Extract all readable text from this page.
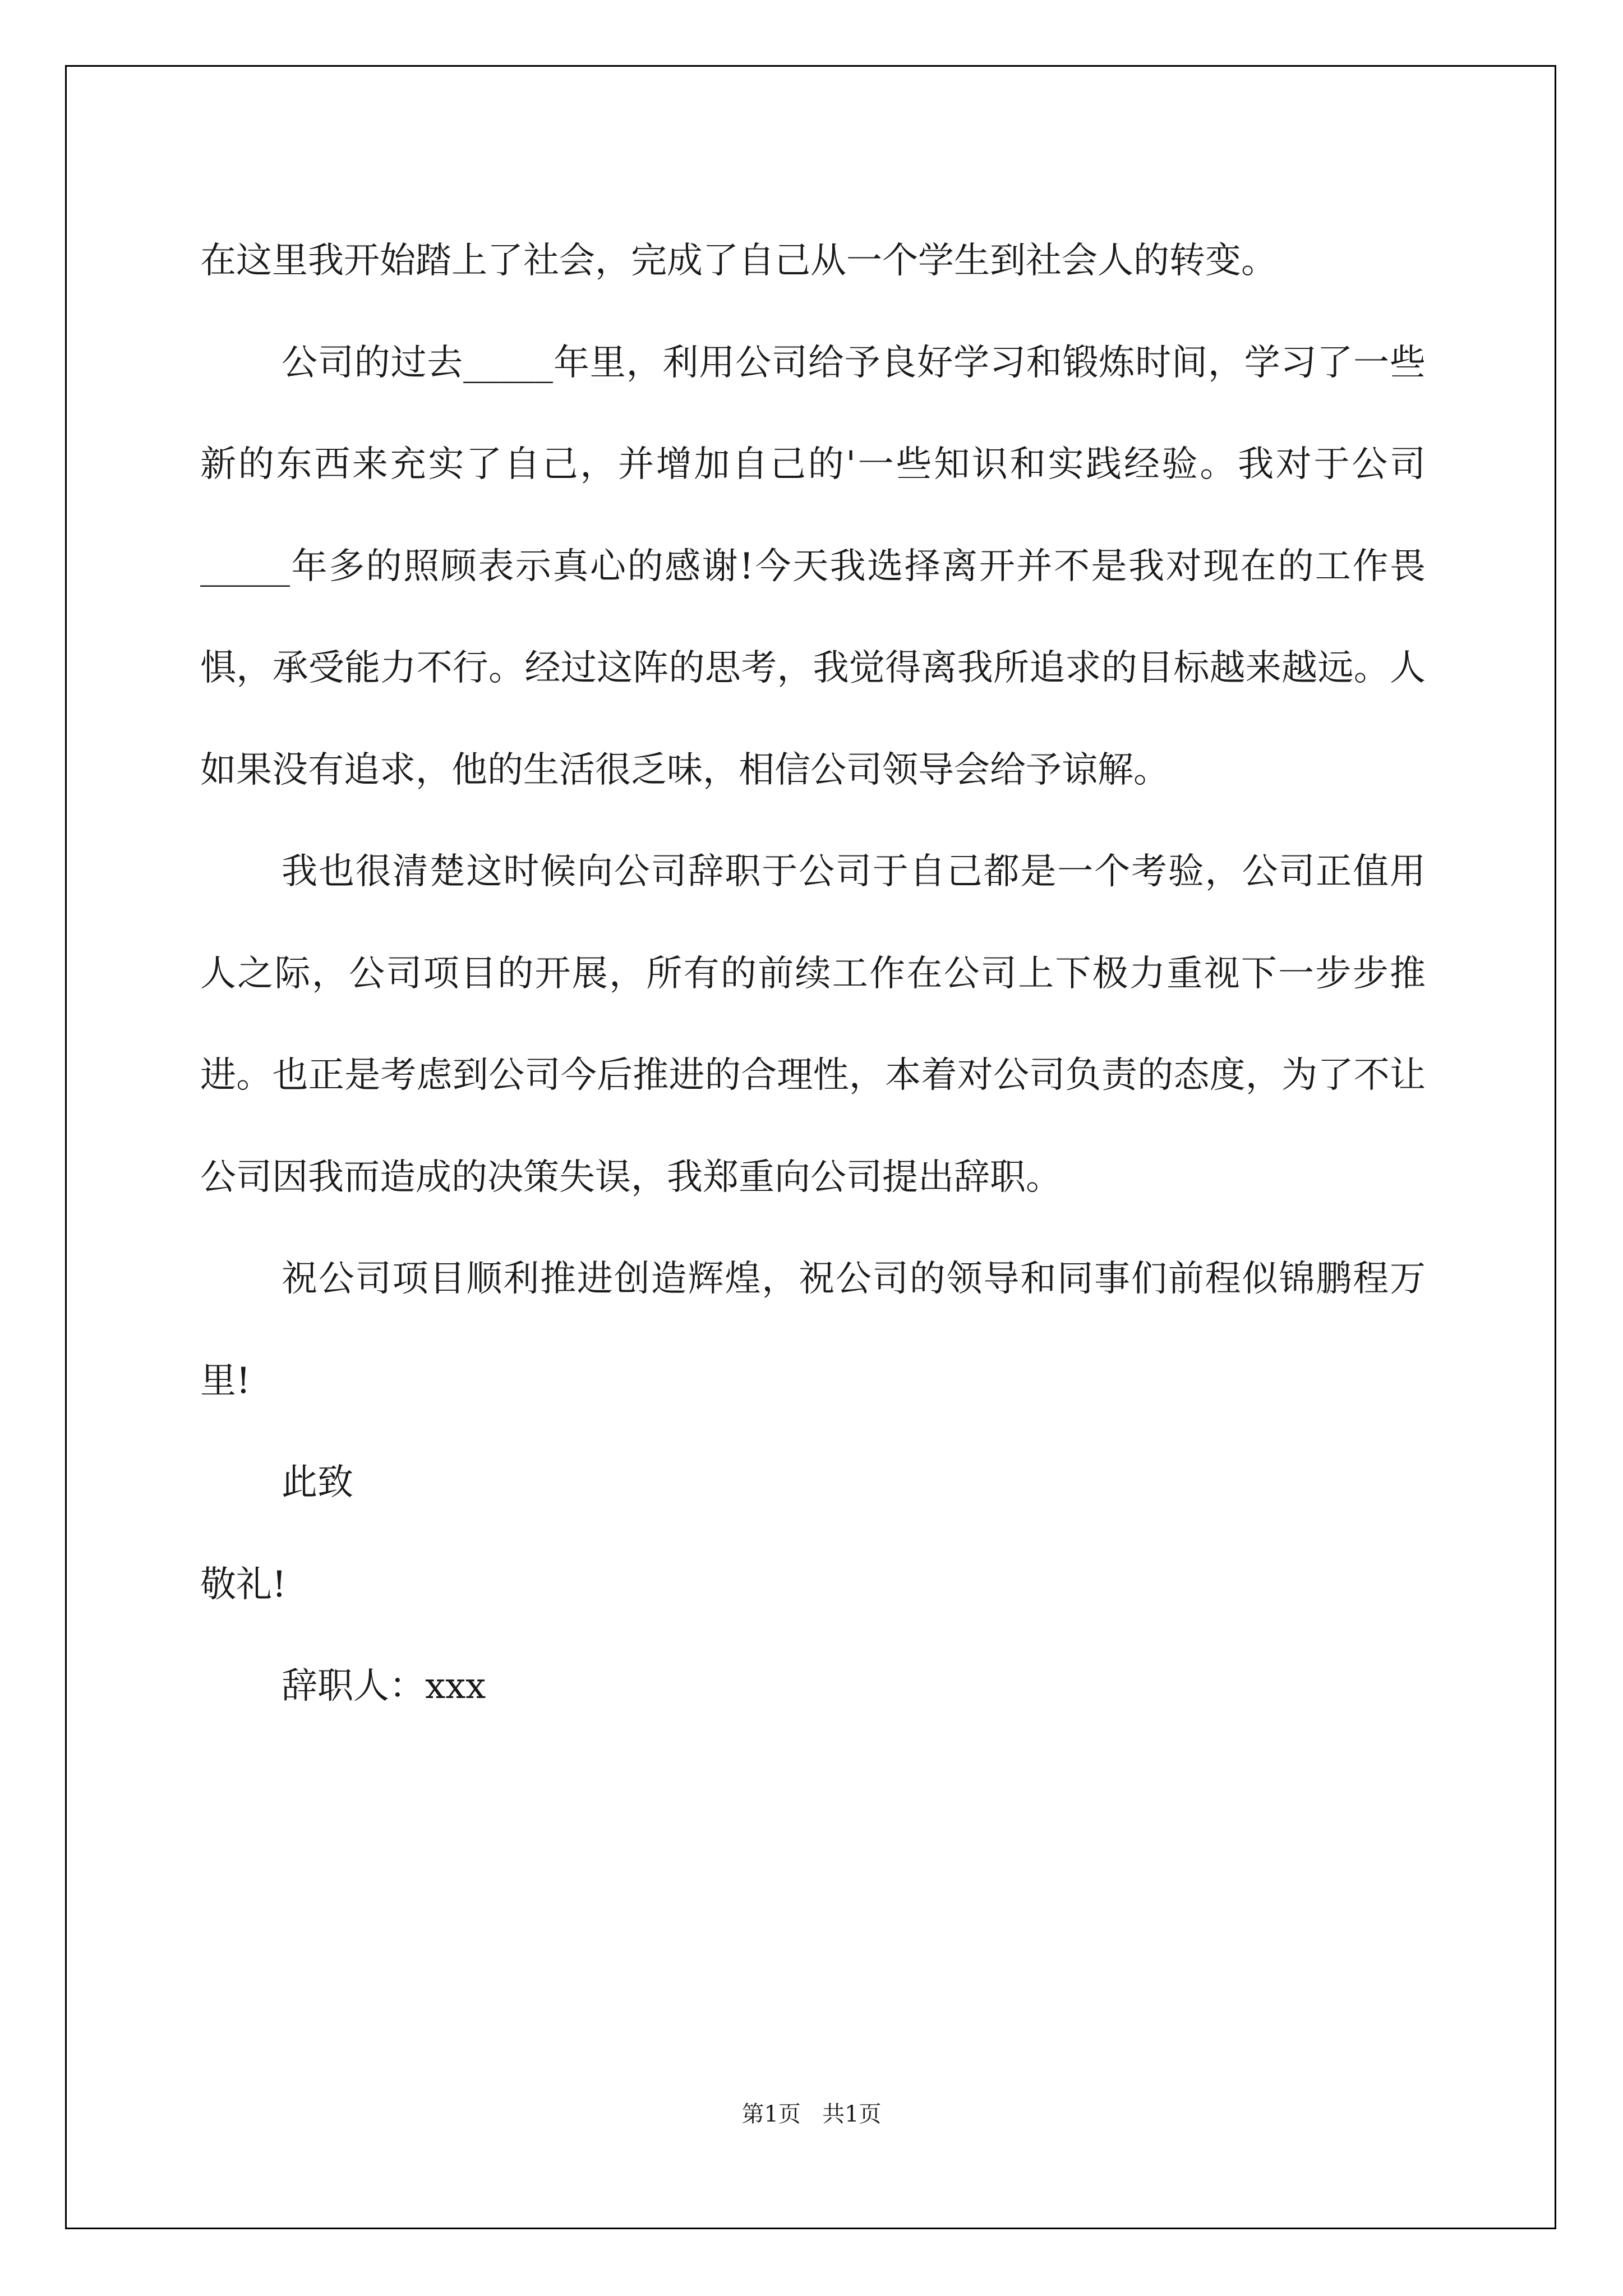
在这里我开始踏上了社会，完成了自己从一个学生到社会人的转变。

公司的过去_____年里，利用公司给予良好学习和锻炼时间，学习了一些新的东西来充实了自己，并增加自己的'一些知识和实践经验。我对于公司_____年多的照顾表示真心的感谢!今天我选择离开并不是我对现在的工作畏惧，承受能力不行。经过这阵的思考，我觉得离我所追求的目标越来越远。人如果没有追求，他的生活很乏味，相信公司领导会给予谅解。

我也很清楚这时候向公司辞职于公司于自己都是一个考验，公司正值用人之际，公司项目的开展，所有的前续工作在公司上下极力重视下一步步推进。也正是考虑到公司今后推进的合理性，本着对公司负责的态度，为了不让公司因我而造成的决策失误，我郑重向公司提出辞职。

祝公司项目顺利推进创造辉煌，祝公司的领导和同事们前程似锦鹏程万里!

此致

敬礼!

辞职人：xxx

第1页 共1页
